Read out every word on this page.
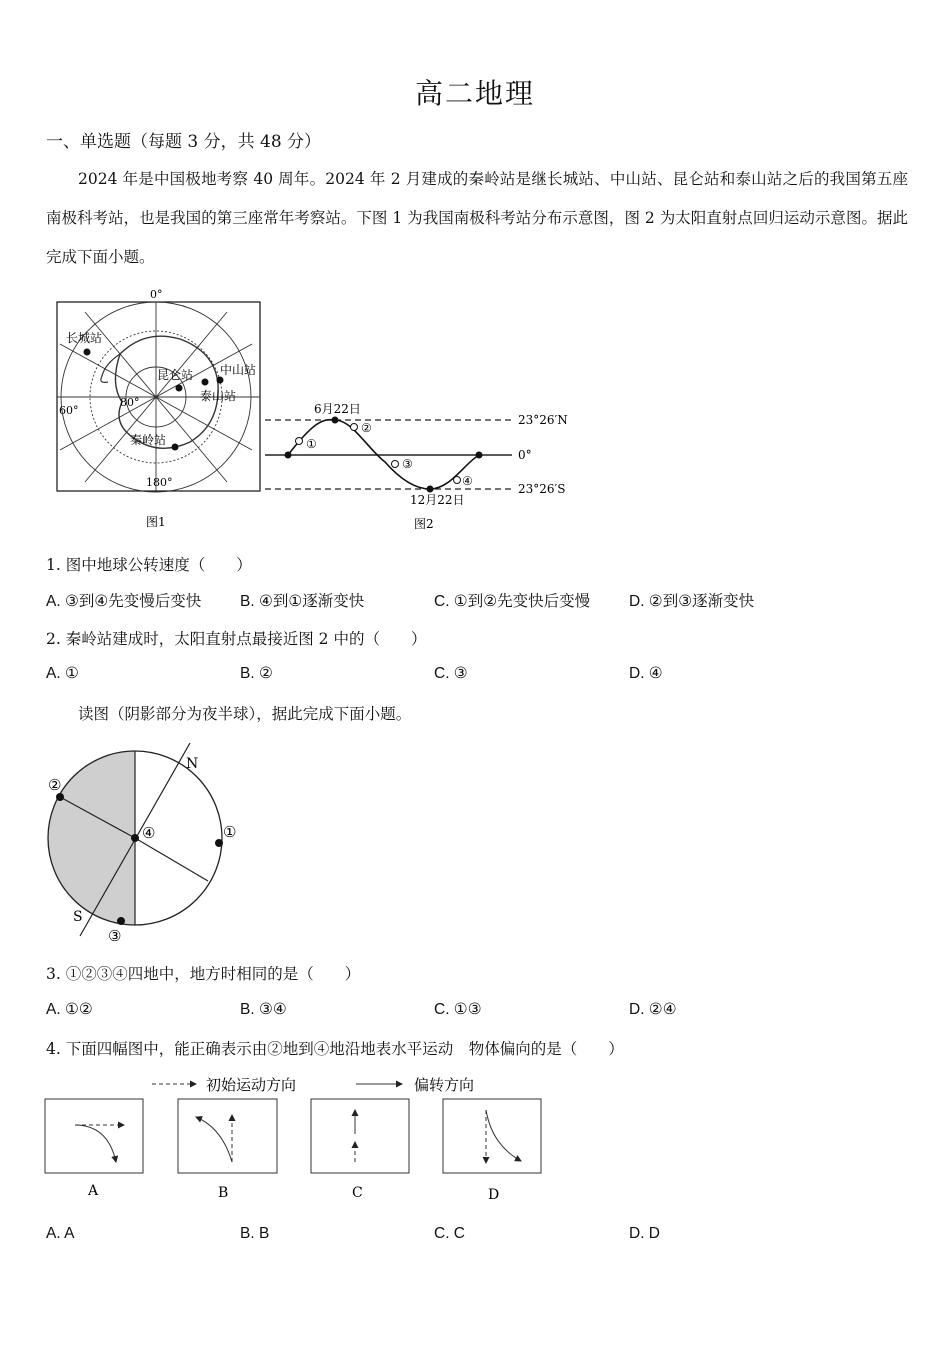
高二地理
一、单选题（每题 3 分，共 48 分）
2024 年是中国极地考察 40 周年。2024 年 2 月建成的秦岭站是继长城站、中山站、昆仑站和泰山站之后的我国第五座南极科考站，也是我国的第三座常年考察站。下图 1 为我国南极科考站分布示意图，图 2 为太阳直射点回归运动示意图。据此完成下面小题。
0°
180°
60°
80°
长城站
昆仑站 中山站
泰山站
秦岭站
图1
①
②
③
④
6月22日
12月22日
23°26′N
0°
23°26′S
图2
1. 图中地球公转速度（　　）
A. ③到④先变慢后变快	B. ④到①逐渐变快	C. ①到②先变快后变慢	D. ②到③逐渐变快
2. 秦岭站建成时，太阳直射点最接近图 2 中的（　　）
A. ①	B. ②	C. ③	D. ④
读图（阴影部分为夜半球），据此完成下面小题。
N
S
①
②
③
④
3. ①②③④四地中，地方时相同的是（　　）
A. ①②	B. ③④	C. ①③	D. ②④
4. 下面四幅图中，能正确表示由②地到④地沿地表水平运动　物体偏向的是（　　）
初始运动方向	偏转方向
A	B	C	D
A. A	B. B	C. C	D. D
